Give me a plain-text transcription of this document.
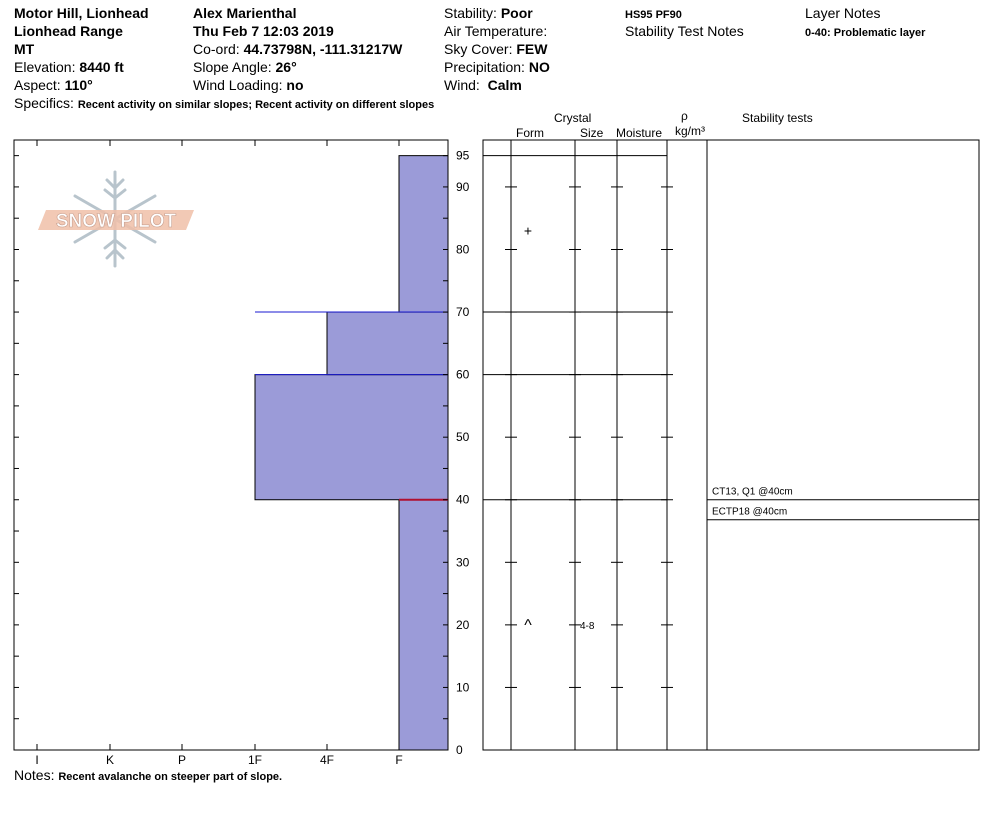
Motor Hill, Lionhead
Lionhead Range
MT
Elevation: 8440 ft
Aspect: 110°
Alex Marienthal
Thu Feb 7 12:03 2019
Co-ord: 44.73798N, -111.31217W
Slope Angle: 26°
Wind Loading: no
Stability: Poor
Air Temperature:
Sky Cover: FEW
Precipitation: NO
Wind: Calm
HS95 PF90
Stability Test Notes
Layer Notes
0-40: Problematic layer
Specifics: Recent activity on similar slopes; Recent activity on different slopes
Crystal
Form	Size Moisture
ρ
kg/m³
Stability tests
SNOW PILOT
0
10
20
30
40
50
60
70
80
90
95
I	K	P	1F	4F	F
+
^	4-8
CT13, Q1 @40cm
ECTP18 @40cm
Notes: Recent avalanche on steeper part of slope.
